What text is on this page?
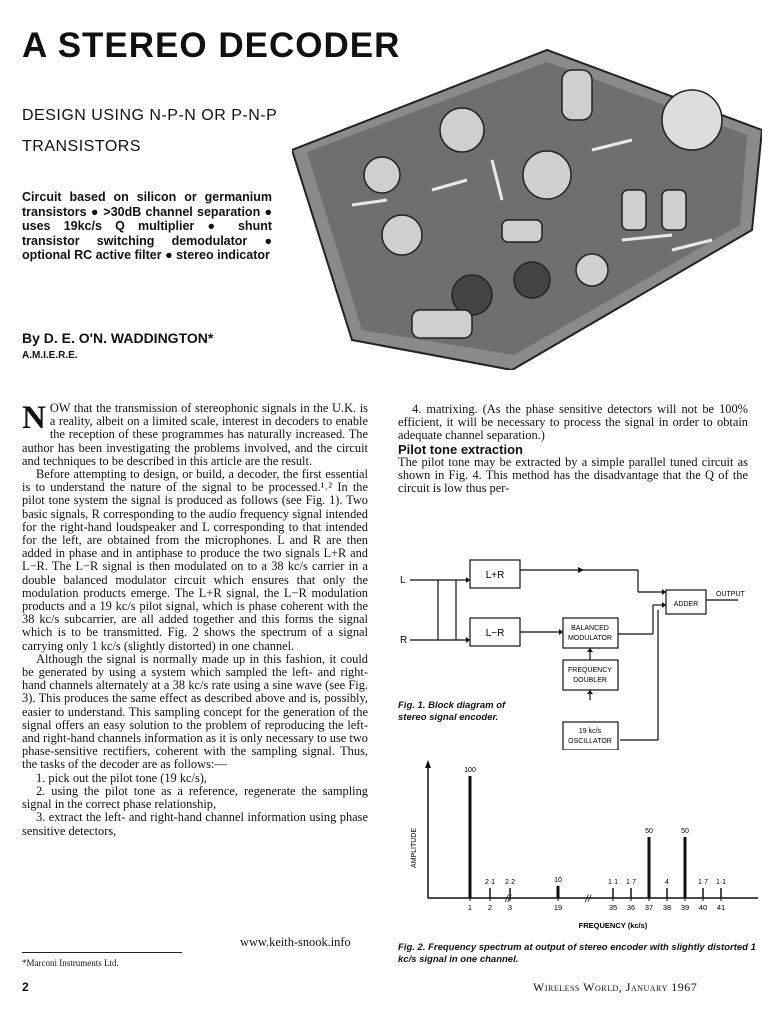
A STEREO DECODER
DESIGN USING N-P-N OR P-N-P TRANSISTORS
Circuit based on silicon or germanium transistors ● >30dB channel separation ● uses 19kc/s Q multiplier ● shunt transistor switching demodulator ● optional RC active filter ● stereo indicator
By D. E. O'N. WADDINGTON*
A.M.I.E.R.E.

NOW that the transmission of stereophonic signals in the U.K. is a reality, albeit on a limited scale, interest in decoders to enable the reception of these programmes has naturally increased. The author has been investigating the problems involved, and the circuit and techniques to be described in this article are the result.

Before attempting to design, or build, a decoder, the first essential is to understand the nature of the signal to be processed.¹˒² In the pilot tone system the signal is produced as follows (see Fig. 1). Two basic signals, R corresponding to the audio frequency signal intended for the right-hand loudspeaker and L corresponding to that intended for the left, are obtained from the microphones. L and R are then added in phase and in antiphase to produce the two signals L+R and L−R. The L−R signal is then modulated on to a 38 kc/s carrier in a double balanced modulator circuit which ensures that only the modulation products emerge. The L+R signal, the L−R modulation products and a 19 kc/s pilot signal, which is phase coherent with the 38 kc/s subcarrier, are all added together and this forms the signal which is to be transmitted. Fig. 2 shows the spectrum of a signal carrying only 1 kc/s (slightly distorted) in one channel.

Although the signal is normally made up in this fashion, it could be generated by using a system which sampled the left- and right-hand channels alternately at a 38 kc/s rate using a sine wave (see Fig. 3). This produces the same effect as described above and is, possibly, easier to understand. This sampling concept for the generation of the signal offers an easy solution to the problem of reproducing the left- and right-hand channels information as it is only necessary to use two phase-sensitive rectifiers, coherent with the sampling signal. Thus, the tasks of the decoder are as follows:—

1. pick out the pilot tone (19 kc/s),

2. using the pilot tone as a reference, regenerate the sampling signal in the correct phase relationship,

3. extract the left- and right-hand channel information using phase sensitive detectors,

www.keith-snook.info

4. matrixing. (As the phase sensitive detectors will not be 100% efficient, it will be necessary to process the signal in order to obtain adequate channel separation.)

Pilot tone extraction

The pilot tone may be extracted by a simple parallel tuned circuit as shown in Fig. 4. This method has the disadvantage that the Q of the circuit is low thus per-

L
R
L+R
L−R
ADDER
BALANCED
MODULATOR
FREQUENCY
DOUBLER
19 kc/s
OSCILLATOR
OUTPUT
Fig. 1. Block diagram of stereo signal encoder.
AMPLITUDE
FREQUENCY (kc/s)
1 2 3	19	35 36 37 38 39 40 41
//	//
100
2·1 2·2	10	1·1 1·7
50
4
50
1·7 1·1
Fig. 2. Frequency spectrum at output of stereo encoder with slightly distorted 1 kc/s signal in one channel.
*Marconi Instruments Ltd.
2	Wireless World, January 1967
